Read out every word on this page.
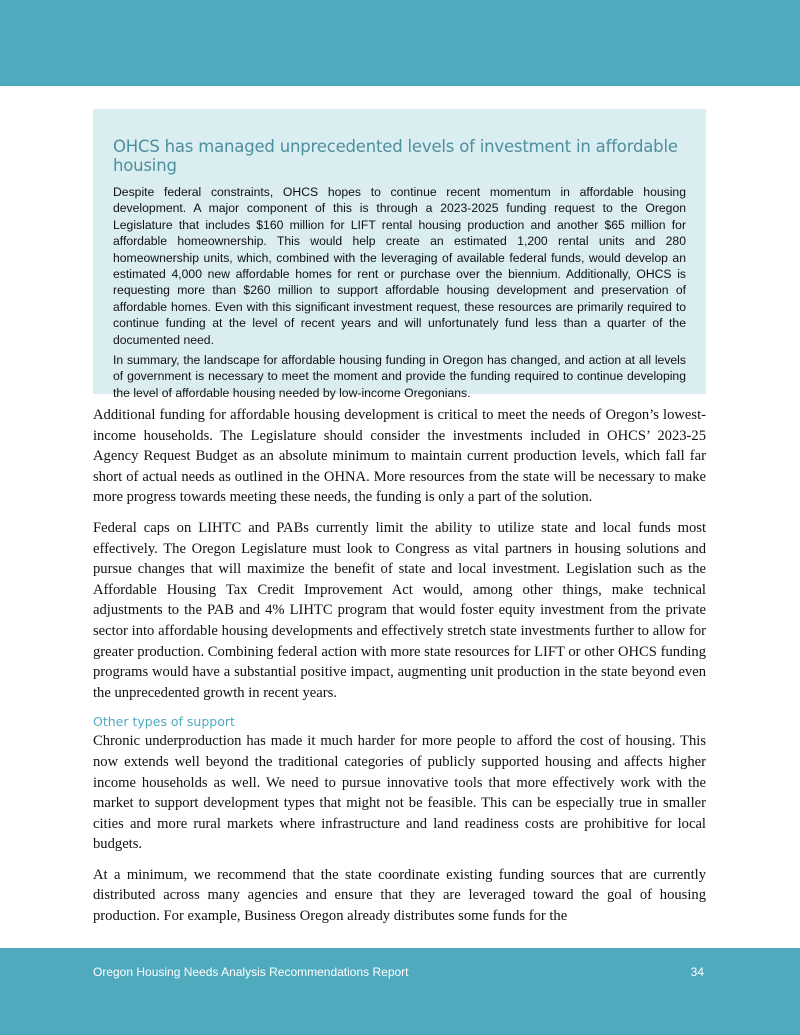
OHCS has managed unprecedented levels of investment in affordable housing

Despite federal constraints, OHCS hopes to continue recent momentum in affordable housing development. A major component of this is through a 2023-2025 funding request to the Oregon Legislature that includes $160 million for LIFT rental housing production and another $65 million for affordable homeownership. This would help create an estimated 1,200 rental units and 280 homeownership units, which, combined with the leveraging of available federal funds, would develop an estimated 4,000 new affordable homes for rent or purchase over the biennium. Additionally, OHCS is requesting more than $260 million to support affordable housing development and preservation of affordable homes. Even with this significant investment request, these resources are primarily required to continue funding at the level of recent years and will unfortunately fund less than a quarter of the documented need.

In summary, the landscape for affordable housing funding in Oregon has changed, and action at all levels of government is necessary to meet the moment and provide the funding required to continue developing the level of affordable housing needed by low-income Oregonians.

Additional funding for affordable housing development is critical to meet the needs of Oregon’s lowest-income households. The Legislature should consider the investments included in OHCS’ 2023-25 Agency Request Budget as an absolute minimum to maintain current production levels, which fall far short of actual needs as outlined in the OHNA. More resources from the state will be necessary to make more progress towards meeting these needs, the funding is only a part of the solution.

Federal caps on LIHTC and PABs currently limit the ability to utilize state and local funds most effectively. The Oregon Legislature must look to Congress as vital partners in housing solutions and pursue changes that will maximize the benefit of state and local investment. Legislation such as the Affordable Housing Tax Credit Improvement Act would, among other things, make technical adjustments to the PAB and 4% LIHTC program that would foster equity investment from the private sector into affordable housing developments and effectively stretch state investments further to allow for greater production. Combining federal action with more state resources for LIFT or other OHCS funding programs would have a substantial positive impact, augmenting unit production in the state beyond even the unprecedented growth in recent years.

Other types of support

Chronic underproduction has made it much harder for more people to afford the cost of housing. This now extends well beyond the traditional categories of publicly supported housing and affects higher income households as well. We need to pursue innovative tools that more effectively work with the market to support development types that might not be feasible. This can be especially true in smaller cities and more rural markets where infrastructure and land readiness costs are prohibitive for local budgets.

At a minimum, we recommend that the state coordinate existing funding sources that are currently distributed across many agencies and ensure that they are leveraged toward the goal of housing production. For example, Business Oregon already distributes some funds for the

Oregon Housing Needs Analysis Recommendations Report	34
